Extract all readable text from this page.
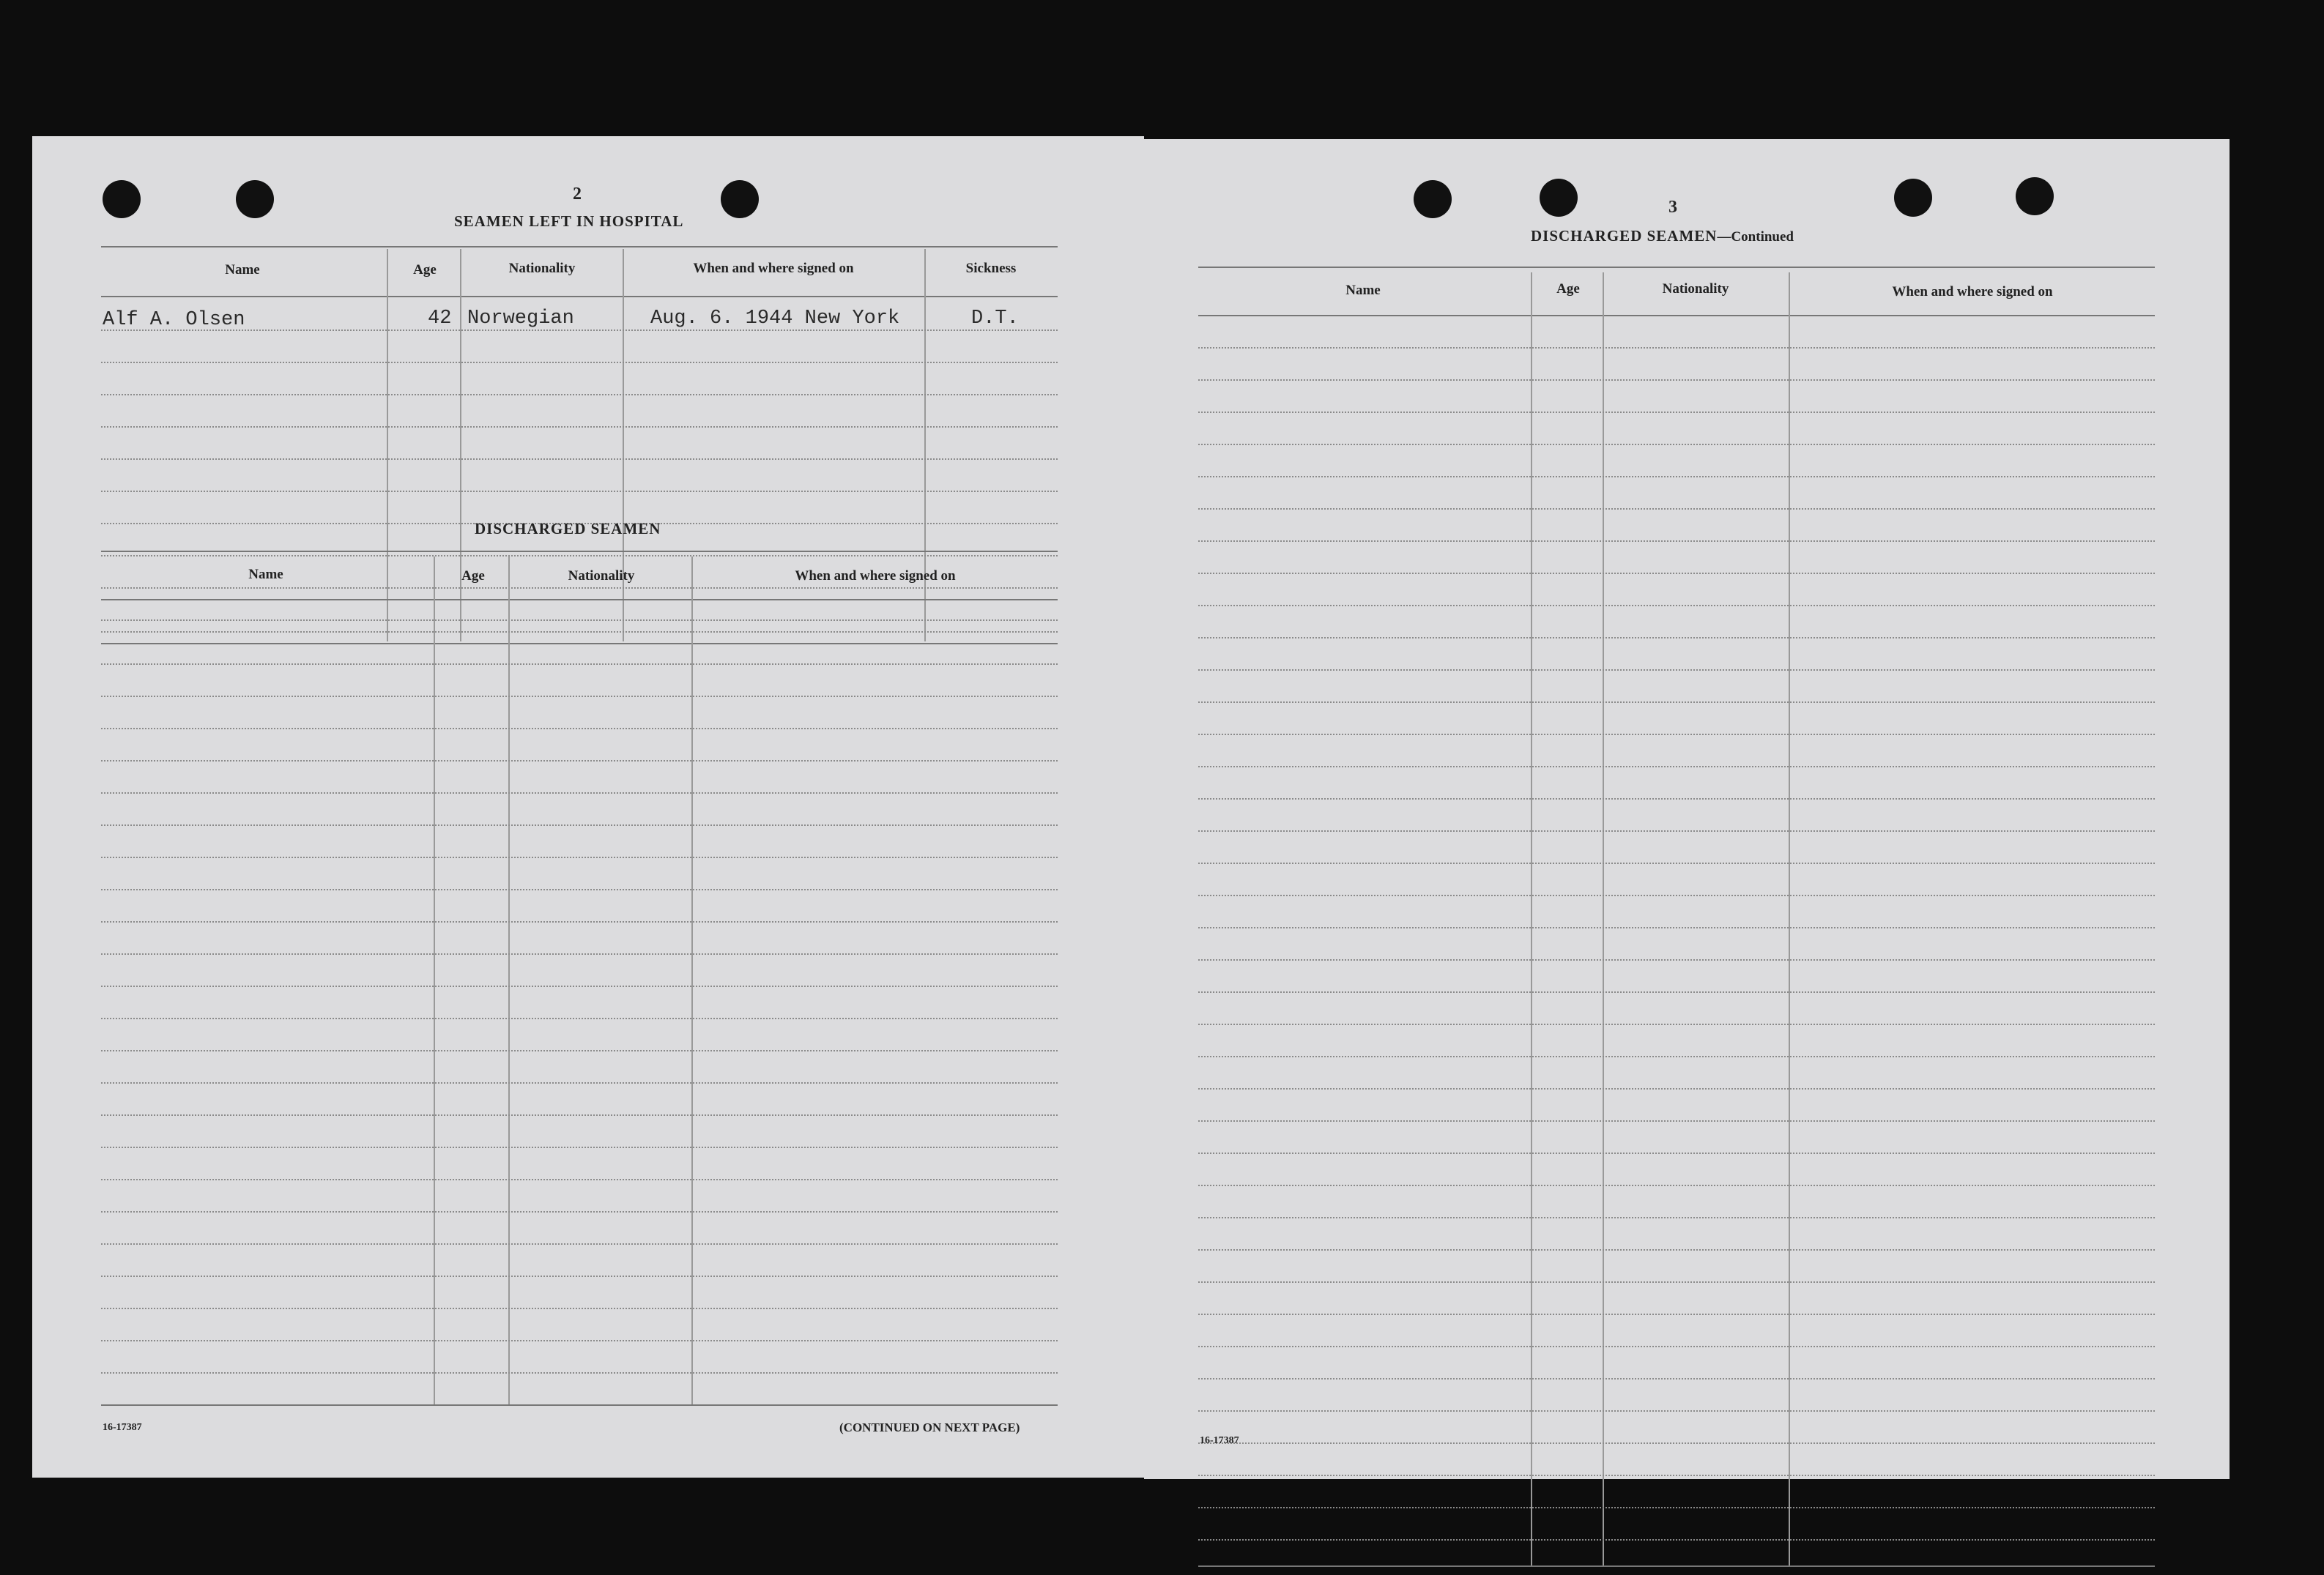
2
SEAMEN LEFT IN HOSPITAL
Name	Age	Nationality	When and where signed on	Sickness
Alf A. Olsen	42 Norwegian	Aug. 6. 1944 New York	D.T.
DISCHARGED SEAMEN
Name	Age	Nationality	When and where signed on
16-17387	(CONTINUED ON NEXT PAGE)
3
DISCHARGED SEAMEN—Continued
Name	Age	Nationality	When and where signed on
16-17387
